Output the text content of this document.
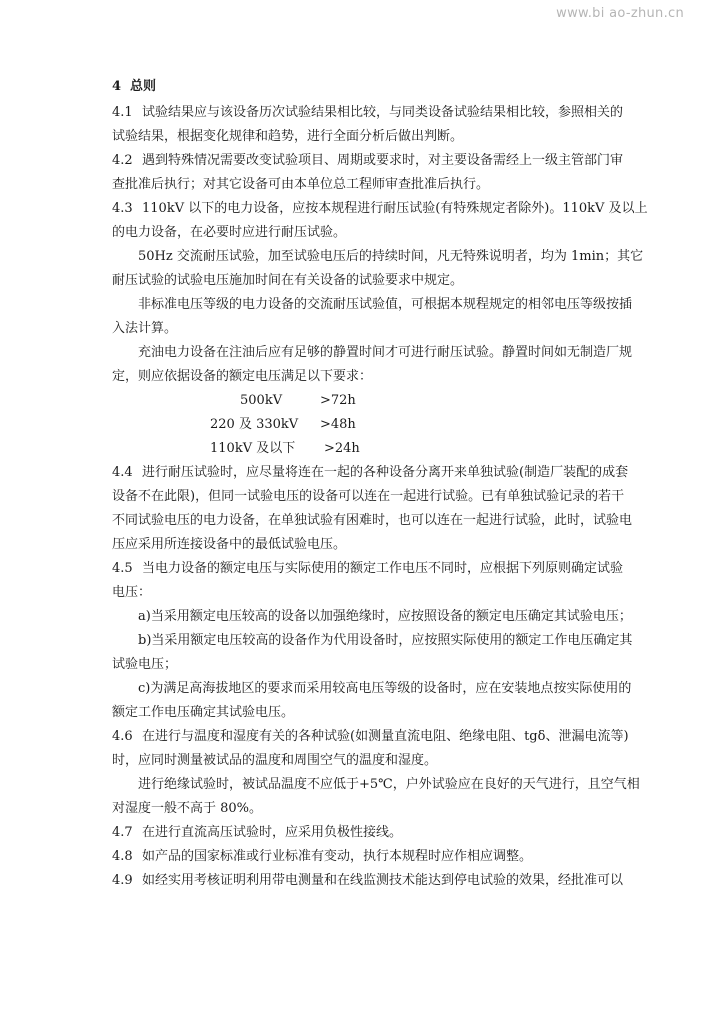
www.bi ao-zhun.cn

4 总则

4.1 试验结果应与该设备历次试验结果相比较，与同类设备试验结果相比较，参照相关的

试验结果，根据变化规律和趋势，进行全面分析后做出判断。

4.2 遇到特殊情况需要改变试验项目、周期或要求时，对主要设备需经上一级主管部门审

查批准后执行；对其它设备可由本单位总工程师审查批准后执行。

4.3 110kV 以下的电力设备，应按本规程进行耐压试验(有特殊规定者除外)。110kV 及以上

的电力设备，在必要时应进行耐压试验。

50Hz 交流耐压试验，加至试验电压后的持续时间，凡无特殊说明者，均为 1min；其它

耐压试验的试验电压施加时间在有关设备的试验要求中规定。

非标准电压等级的电力设备的交流耐压试验值，可根据本规程规定的相邻电压等级按插

入法计算。

充油电力设备在注油后应有足够的静置时间才可进行耐压试验。静置时间如无制造厂规

定，则应依据设备的额定电压满足以下要求：

500kV	>72h
220 及 330kV >48h
110kV 及以下 >24h

4.4 进行耐压试验时，应尽量将连在一起的各种设备分离开来单独试验(制造厂装配的成套

设备不在此限)，但同一试验电压的设备可以连在一起进行试验。已有单独试验记录的若干

不同试验电压的电力设备，在单独试验有困难时，也可以连在一起进行试验，此时，试验电

压应采用所连接设备中的最低试验电压。

4.5 当电力设备的额定电压与实际使用的额定工作电压不同时，应根据下列原则确定试验

电压：

a)当采用额定电压较高的设备以加强绝缘时，应按照设备的额定电压确定其试验电压；

b)当采用额定电压较高的设备作为代用设备时，应按照实际使用的额定工作电压确定其

试验电压；

c)为满足高海拔地区的要求而采用较高电压等级的设备时，应在安装地点按实际使用的

额定工作电压确定其试验电压。

4.6 在进行与温度和湿度有关的各种试验(如测量直流电阻、绝缘电阻、tgδ、泄漏电流等)

时，应同时测量被试品的温度和周围空气的温度和湿度。

进行绝缘试验时，被试品温度不应低于+5℃，户外试验应在良好的天气进行，且空气相

对湿度一般不高于 80%。

4.7 在进行直流高压试验时，应采用负极性接线。

4.8 如产品的国家标准或行业标准有变动，执行本规程时应作相应调整。

4.9 如经实用考核证明利用带电测量和在线监测技术能达到停电试验的效果，经批准可以
